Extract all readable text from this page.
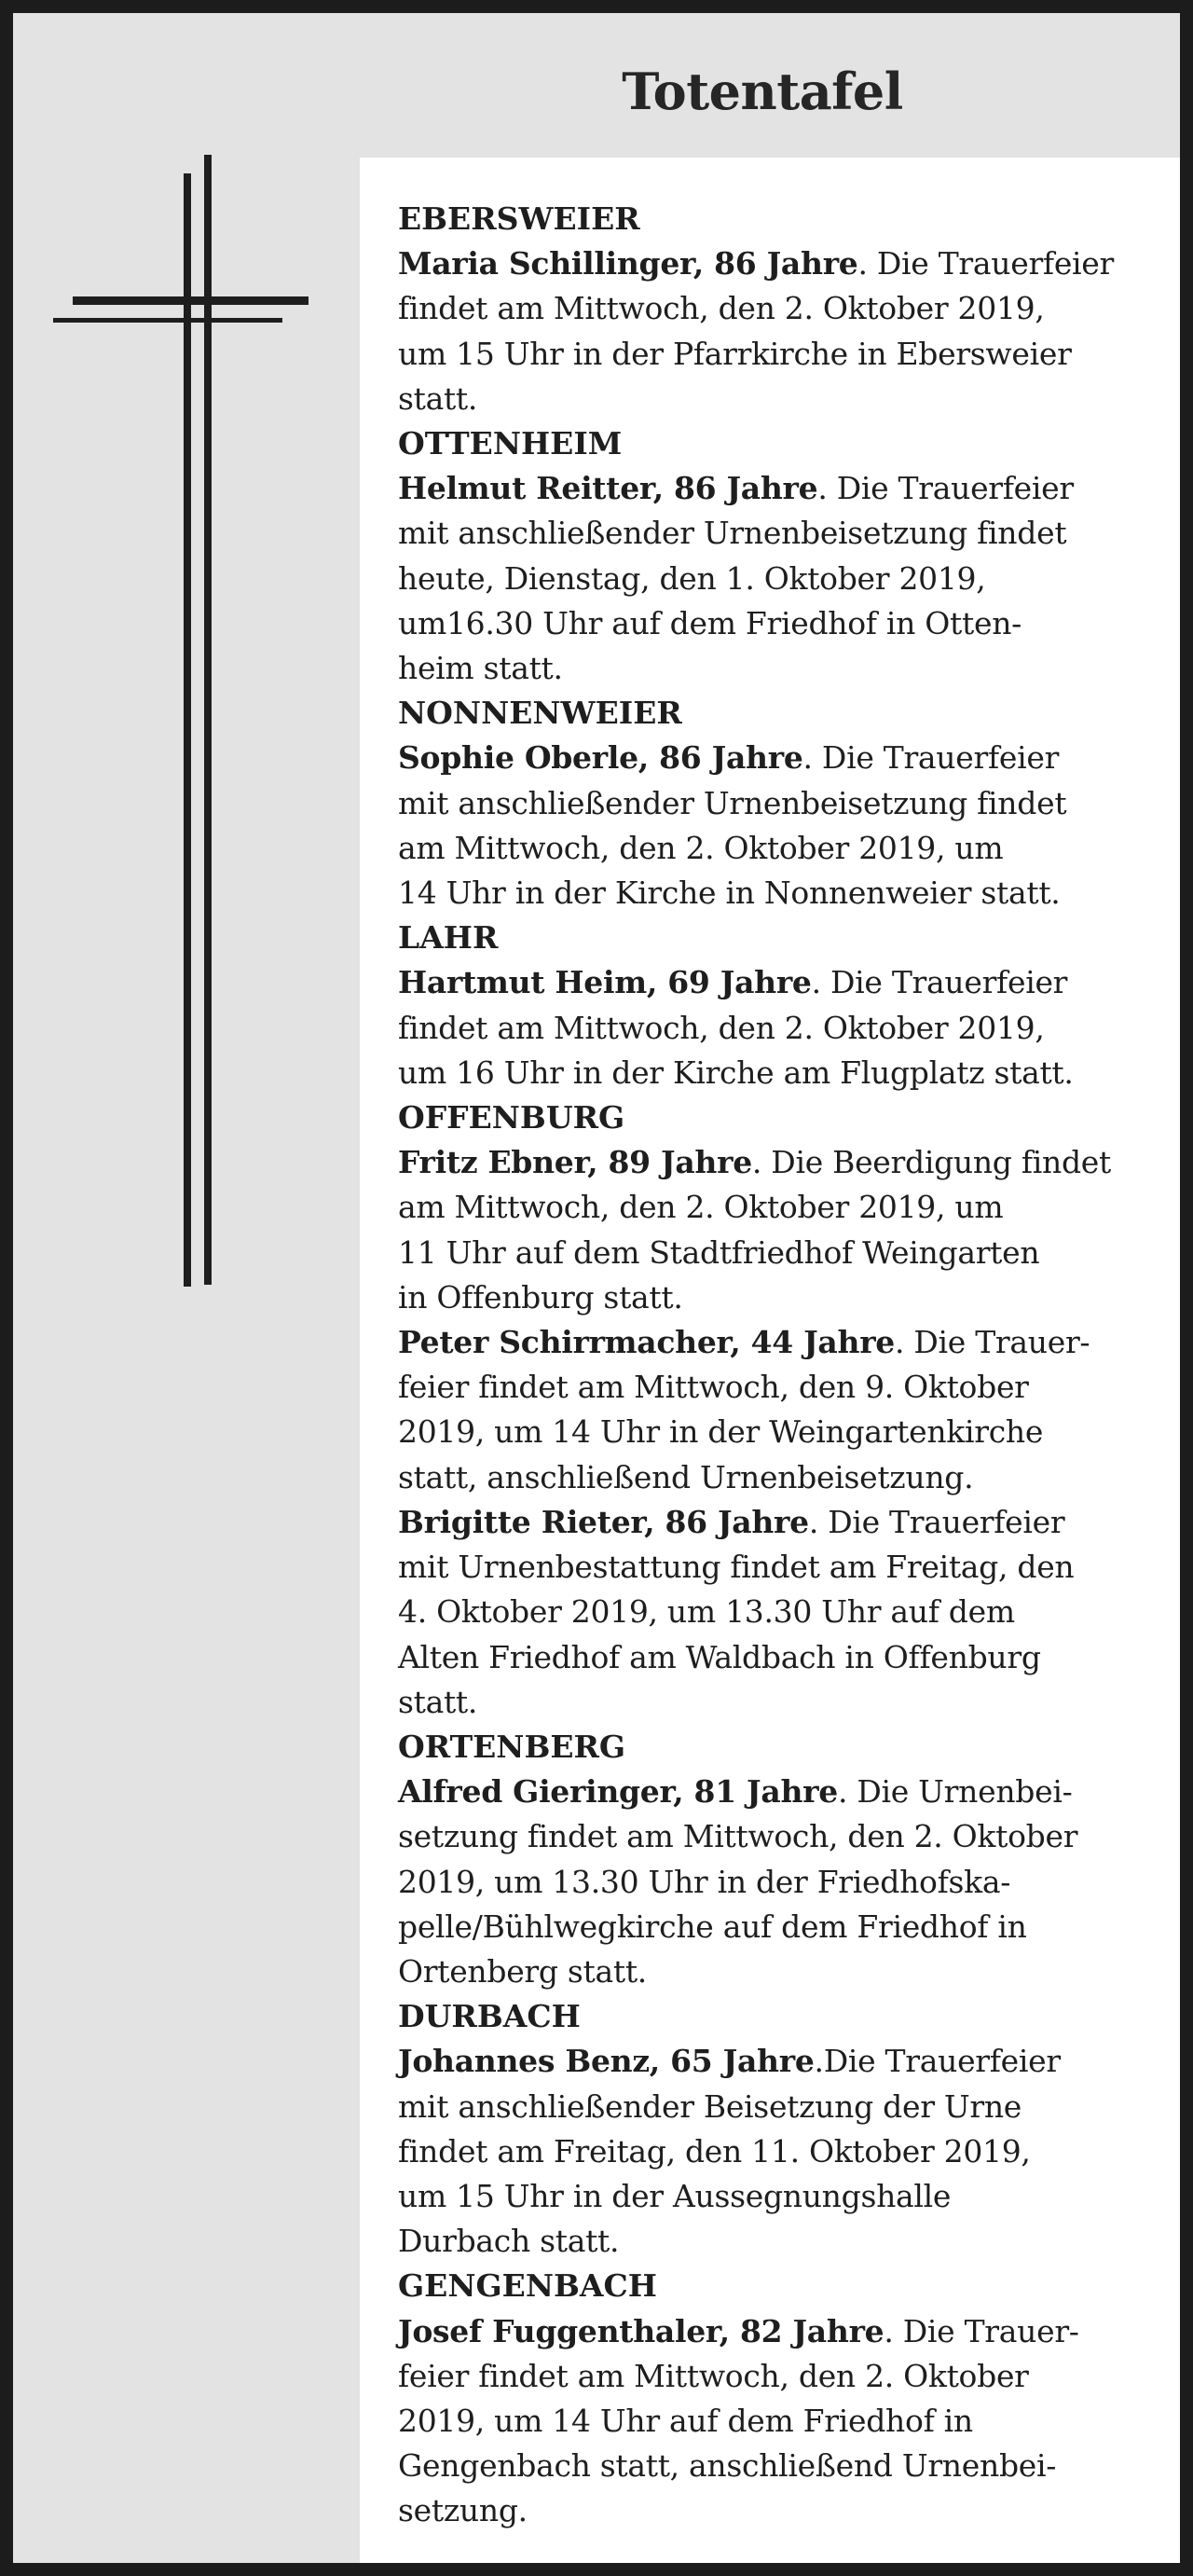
Totentafel
EBERSWEIER
Maria Schillinger, 86 Jahre. Die Trauerfeier
findet am Mittwoch, den 2. Oktober 2019,
um 15 Uhr in der Pfarrkirche in Ebersweier
statt.
OTTENHEIM
Helmut Reitter, 86 Jahre. Die Trauerfeier
mit anschließender Urnenbeisetzung findet
heute, Dienstag, den 1. Oktober 2019,
um16.30 Uhr auf dem Friedhof in Otten-
heim statt.
NONNENWEIER
Sophie Oberle, 86 Jahre. Die Trauerfeier
mit anschließender Urnenbeisetzung findet
am Mittwoch, den 2. Oktober 2019, um
14 Uhr in der Kirche in Nonnenweier statt.
LAHR
Hartmut Heim, 69 Jahre. Die Trauerfeier
findet am Mittwoch, den 2. Oktober 2019,
um 16 Uhr in der Kirche am Flugplatz statt.
OFFENBURG
Fritz Ebner, 89 Jahre. Die Beerdigung findet
am Mittwoch, den 2. Oktober 2019, um
11 Uhr auf dem Stadtfriedhof Weingarten
in Offenburg statt.
Peter Schirrmacher, 44 Jahre. Die Trauer-
feier findet am Mittwoch, den 9. Oktober
2019, um 14 Uhr in der Weingartenkirche
statt, anschließend Urnenbeisetzung.
Brigitte Rieter, 86 Jahre. Die Trauerfeier
mit Urnenbestattung findet am Freitag, den
4. Oktober 2019, um 13.30 Uhr auf dem
Alten Friedhof am Waldbach in Offenburg
statt.
ORTENBERG
Alfred Gieringer, 81 Jahre. Die Urnenbei-
setzung findet am Mittwoch, den 2. Oktober
2019, um 13.30 Uhr in der Friedhofska-
pelle/Bühlwegkirche auf dem Friedhof in
Ortenberg statt.
DURBACH
Johannes Benz, 65 Jahre.Die Trauerfeier
mit anschließender Beisetzung der Urne
findet am Freitag, den 11. Oktober 2019,
um 15 Uhr in der Aussegnungshalle
Durbach statt.
GENGENBACH
Josef Fuggenthaler, 82 Jahre. Die Trauer-
feier findet am Mittwoch, den 2. Oktober
2019, um 14 Uhr auf dem Friedhof in
Gengenbach statt, anschließend Urnenbei-
setzung.
